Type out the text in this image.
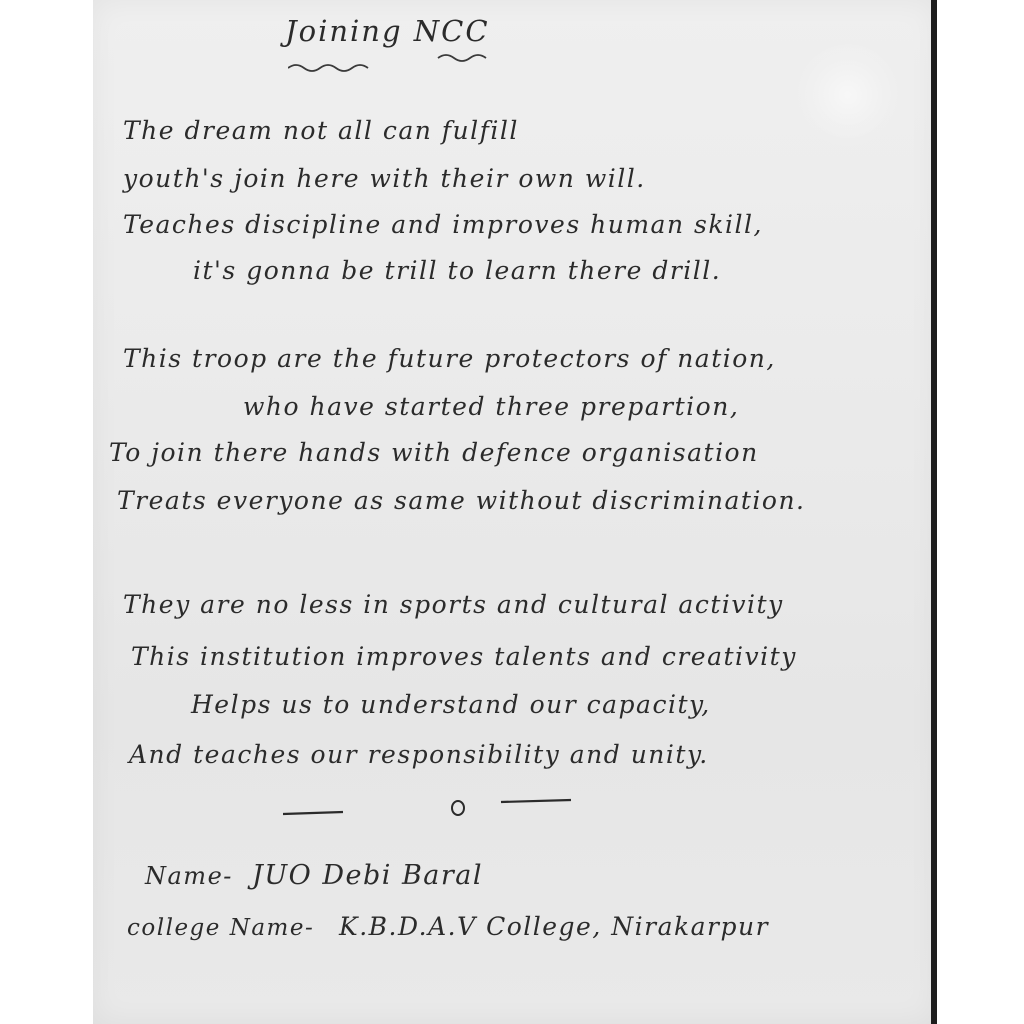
Joining NCC
The dream not all can fulfill
youth's join here with their own will.
Teaches discipline and improves human skill,
it's gonna be trill to learn there drill.
This troop are the future protectors of nation,
who have started three prepartion,
To join there hands with defence organisation
Treats everyone as same without discrimination.
They are no less in sports and cultural activity
This institution improves talents and creativity
Helps us to understand our capacity,
And teaches our responsibility and unity.
Name- JUO Debi Baral
college Name- K.B.D.A.V College, Nirakarpur
